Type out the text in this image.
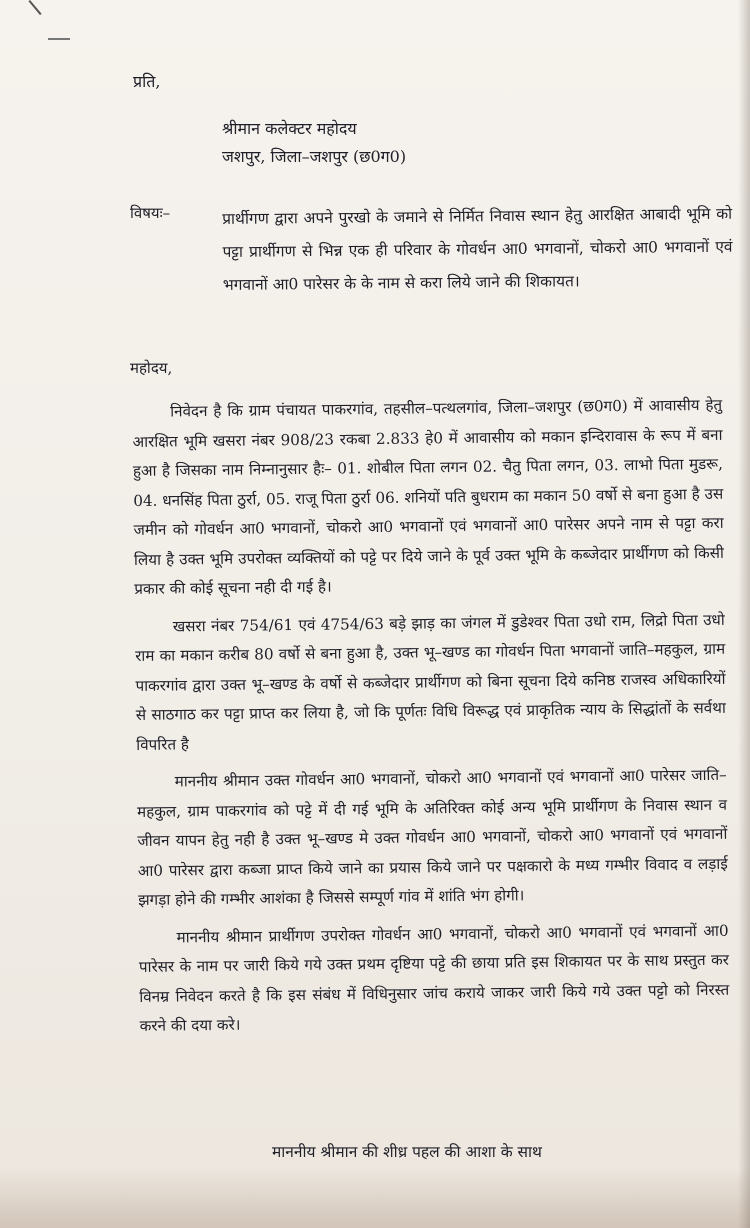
प्रति,
श्रीमान कलेक्टर महोदय
जशपुर, जिला–जशपुर (छ0ग0)
विषयः–	प्रार्थीगण द्वारा अपने पुरखो के जमाने से निर्मित निवास स्थान हेतु आरक्षित आबादी भूमि को पट्टा प्रार्थीगण से भिन्न एक ही परिवार के गोवर्धन आ0 भगवानों, चोकरो आ0 भगवानों एवं भगवानों आ0 पारेसर के के नाम से करा लिये जाने की शिकायत।
महोदय,

निवेदन है कि ग्राम पंचायत पाकरगांव, तहसील–पत्थलगांव, जिला–जशपुर (छ0ग0) में आवासीय हेतु आरक्षित भूमि खसरा नंबर 908/23 रकबा 2.833 हे0 में आवासीय को मकान इन्दिरावास के रूप में बना हुआ है जिसका नाम निम्नानुसार हैः– 01. शोबील पिता लगन 02. चैतु पिता लगन, 03. लाभो पिता मुडरू, 04. धनसिंह पिता ठुर्रा, 05. राजू पिता ठुर्रा 06. शनियों पति बुधराम का मकान 50 वर्षो से बना हुआ है उस जमीन को गोवर्धन आ0 भगवानों, चोकरो आ0 भगवानों एवं भगवानों आ0 पारेसर अपने नाम से पट्टा करा लिया है उक्त भूमि उपरोक्त व्यक्तियों को पट्टे पर दिये जाने के पूर्व उक्त भूमि के कब्जेदार प्रार्थीगण को किसी प्रकार की कोई सूचना नही दी गई है।

खसरा नंबर 754/61 एवं 4754/63 बड़े झाड़ का जंगल में डुडेश्वर पिता उधो राम, लिद्रो पिता उधो राम का मकान करीब 80 वर्षो से बना हुआ है, उक्त भू–खण्ड का गोवर्धन पिता भगवानों जाति–महकुल, ग्राम पाकरगांव द्वारा उक्त भू–खण्ड के वर्षो से कब्जेदार प्रार्थीगण को बिना सूचना दिये कनिष्ठ राजस्व अधिकारियों से साठगाठ कर पट्टा प्राप्त कर लिया है, जो कि पूर्णतः विधि विरूद्ध एवं प्राकृतिक न्याय के सिद्धांतों के सर्वथा विपरित है

माननीय श्रीमान उक्त गोवर्धन आ0 भगवानों, चोकरो आ0 भगवानों एवं भगवानों आ0 पारेसर जाति–महकुल, ग्राम पाकरगांव को पट्टे में दी गई भूमि के अतिरिक्त कोई अन्य भूमि प्रार्थीगण के निवास स्थान व जीवन यापन हेतु नही है उक्त भू–खण्ड मे उक्त गोवर्धन आ0 भगवानों, चोकरो आ0 भगवानों एवं भगवानों आ0 पारेसर द्वारा कब्जा प्राप्त किये जाने का प्रयास किये जाने पर पक्षकारो के मध्य गम्भीर विवाद व लड़ाई झगड़ा होने की गम्भीर आशंका है जिससे सम्पूर्ण गांव में शांति भंग होगी।

माननीय श्रीमान प्रार्थीगण उपरोक्त गोवर्धन आ0 भगवानों, चोकरो आ0 भगवानों एवं भगवानों आ0 पारेसर के नाम पर जारी किये गये उक्त प्रथम दृष्टिया पट्टे की छाया प्रति इस शिकायत पर के साथ प्रस्तुत कर विनम्र निवेदन करते है कि इस संबंध में विधिनुसार जांच कराये जाकर जारी किये गये उक्त पट्टो को निरस्त करने की दया करे।

माननीय श्रीमान की शीध्र पहल की आशा के साथ
